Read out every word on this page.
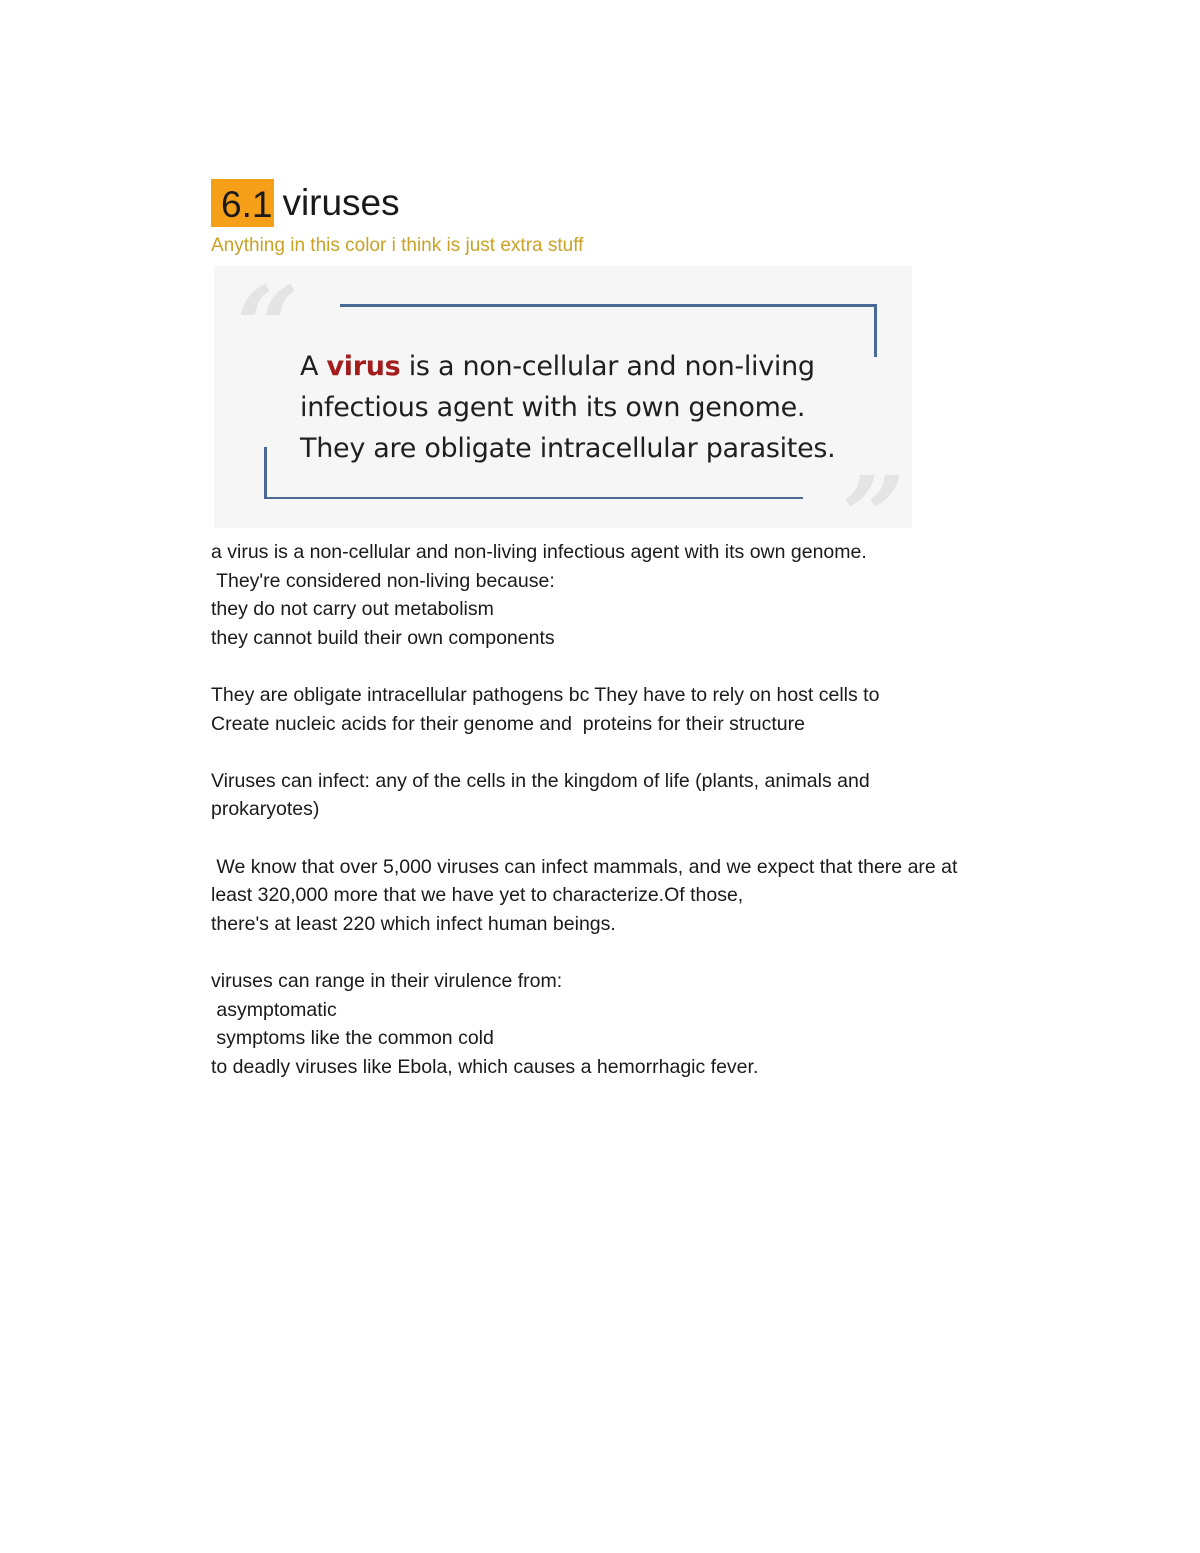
6.1 viruses
Anything in this color i think is just extra stuff
“ A virus is a non-cellular and non-living
infectious agent with its own genome.
They are obligate intracellular parasites.
”

a virus is a non-cellular and non-living infectious agent with its own genome.

They're considered non-living because:

they do not carry out metabolism

they cannot build their own components

They are obligate intracellular pathogens bc They have to rely on host cells to

Create nucleic acids for their genome and  proteins for their structure

Viruses can infect: any of the cells in the kingdom of life (plants, animals and

prokaryotes)

We know that over 5,000 viruses can infect mammals, and we expect that there are at

least 320,000 more that we have yet to characterize.Of those,

there's at least 220 which infect human beings.

viruses can range in their virulence from:

asymptomatic

symptoms like the common cold

to deadly viruses like Ebola, which causes a hemorrhagic fever.
